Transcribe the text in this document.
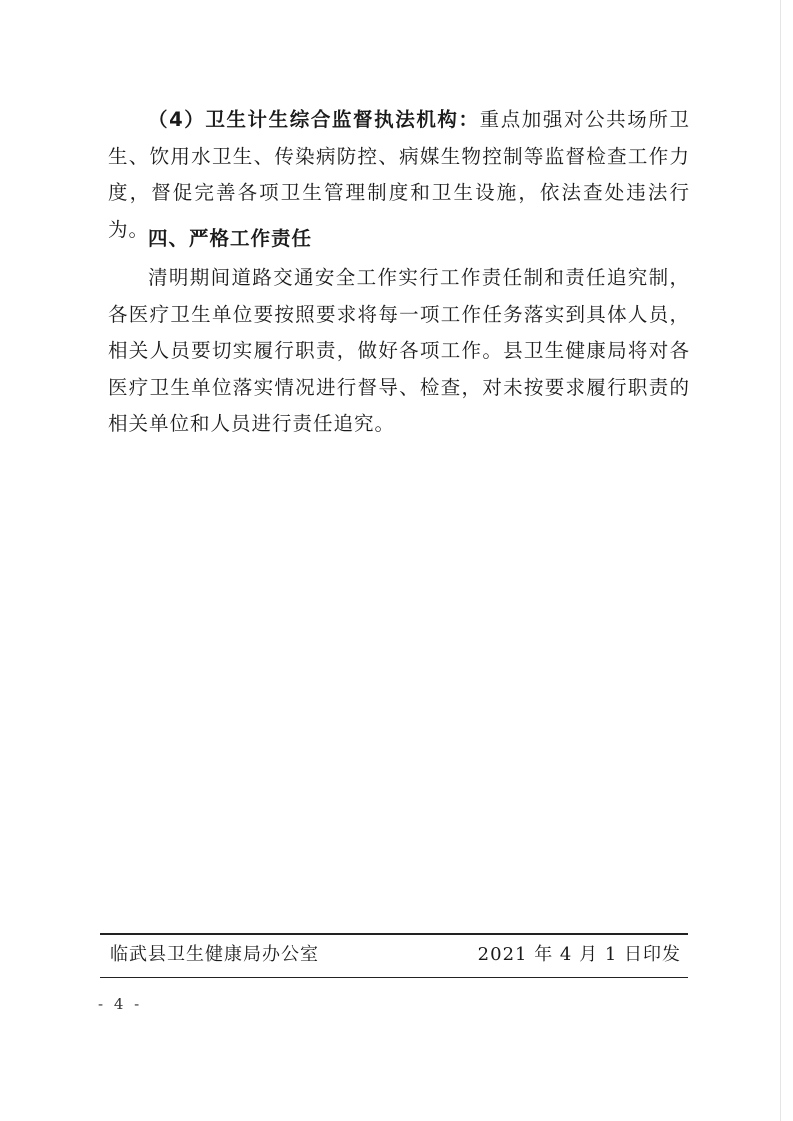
（4）卫生计生综合监督执法机构：重点加强对公共场所卫生、饮用水卫生、传染病防控、病媒生物控制等监督检查工作力度，督促完善各项卫生管理制度和卫生设施，依法查处违法行为。

四、严格工作责任

清明期间道路交通安全工作实行工作责任制和责任追究制，各医疗卫生单位要按照要求将每一项工作任务落实到具体人员，相关人员要切实履行职责，做好各项工作。县卫生健康局将对各医疗卫生单位落实情况进行督导、检查，对未按要求履行职责的相关单位和人员进行责任追究。

临武县卫生健康局办公室	2021 年 4 月 1 日印发
- 4 -
